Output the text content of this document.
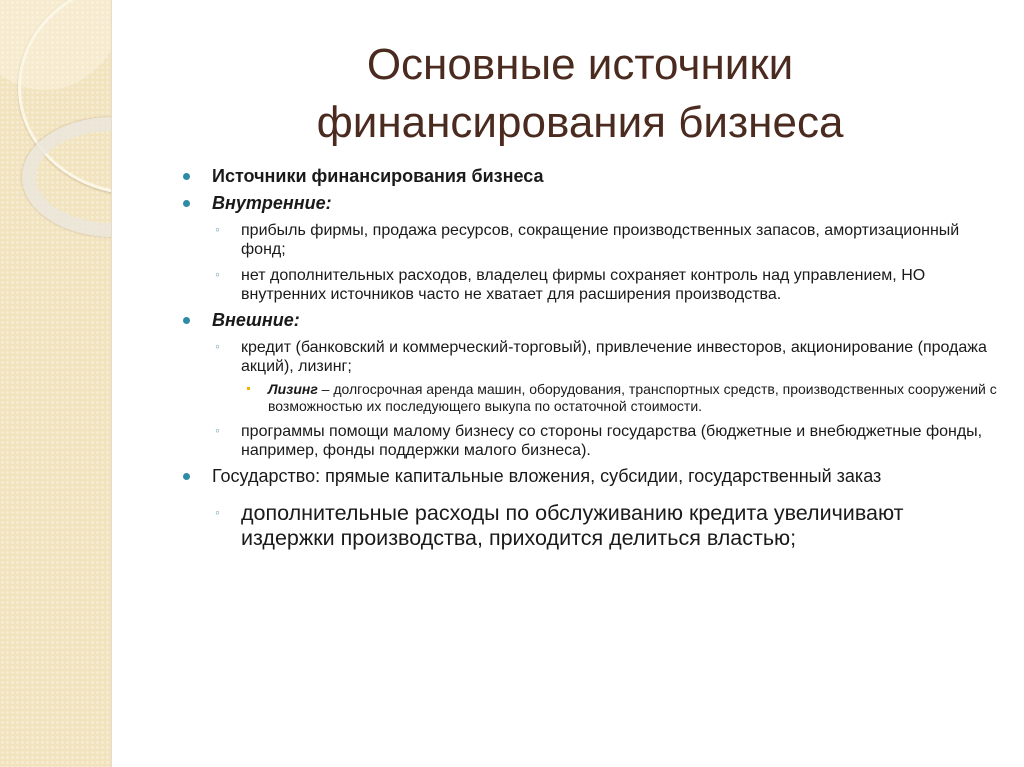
Основные источники
финансирования бизнеса
Источники финансирования бизнеса
Внутренние:
◦ прибыль фирмы, продажа ресурсов, сокращение производственных запасов, амортизационный фонд;
◦ нет дополнительных расходов, владелец фирмы сохраняет контроль над управлением, НО внутренних источников часто не хватает для расширения производства.
Внешние:
◦ кредит (банковский и коммерческий-торговый), привлечение инвесторов, акционирование (продажа акций), лизинг;
Лизинг – долгосрочная аренда машин, оборудования, транспортных средств, производственных сооружений с возможностью их последующего выкупа по остаточной стоимости.
◦ программы помощи малому бизнесу со стороны государства (бюджетные и внебюджетные фонды, например, фонды поддержки малого бизнеса).
Государство: прямые капитальные вложения, субсидии, государственный заказ
◦ дополнительные расходы по обслуживанию кредита увеличивают издержки производства, приходится делиться властью;
